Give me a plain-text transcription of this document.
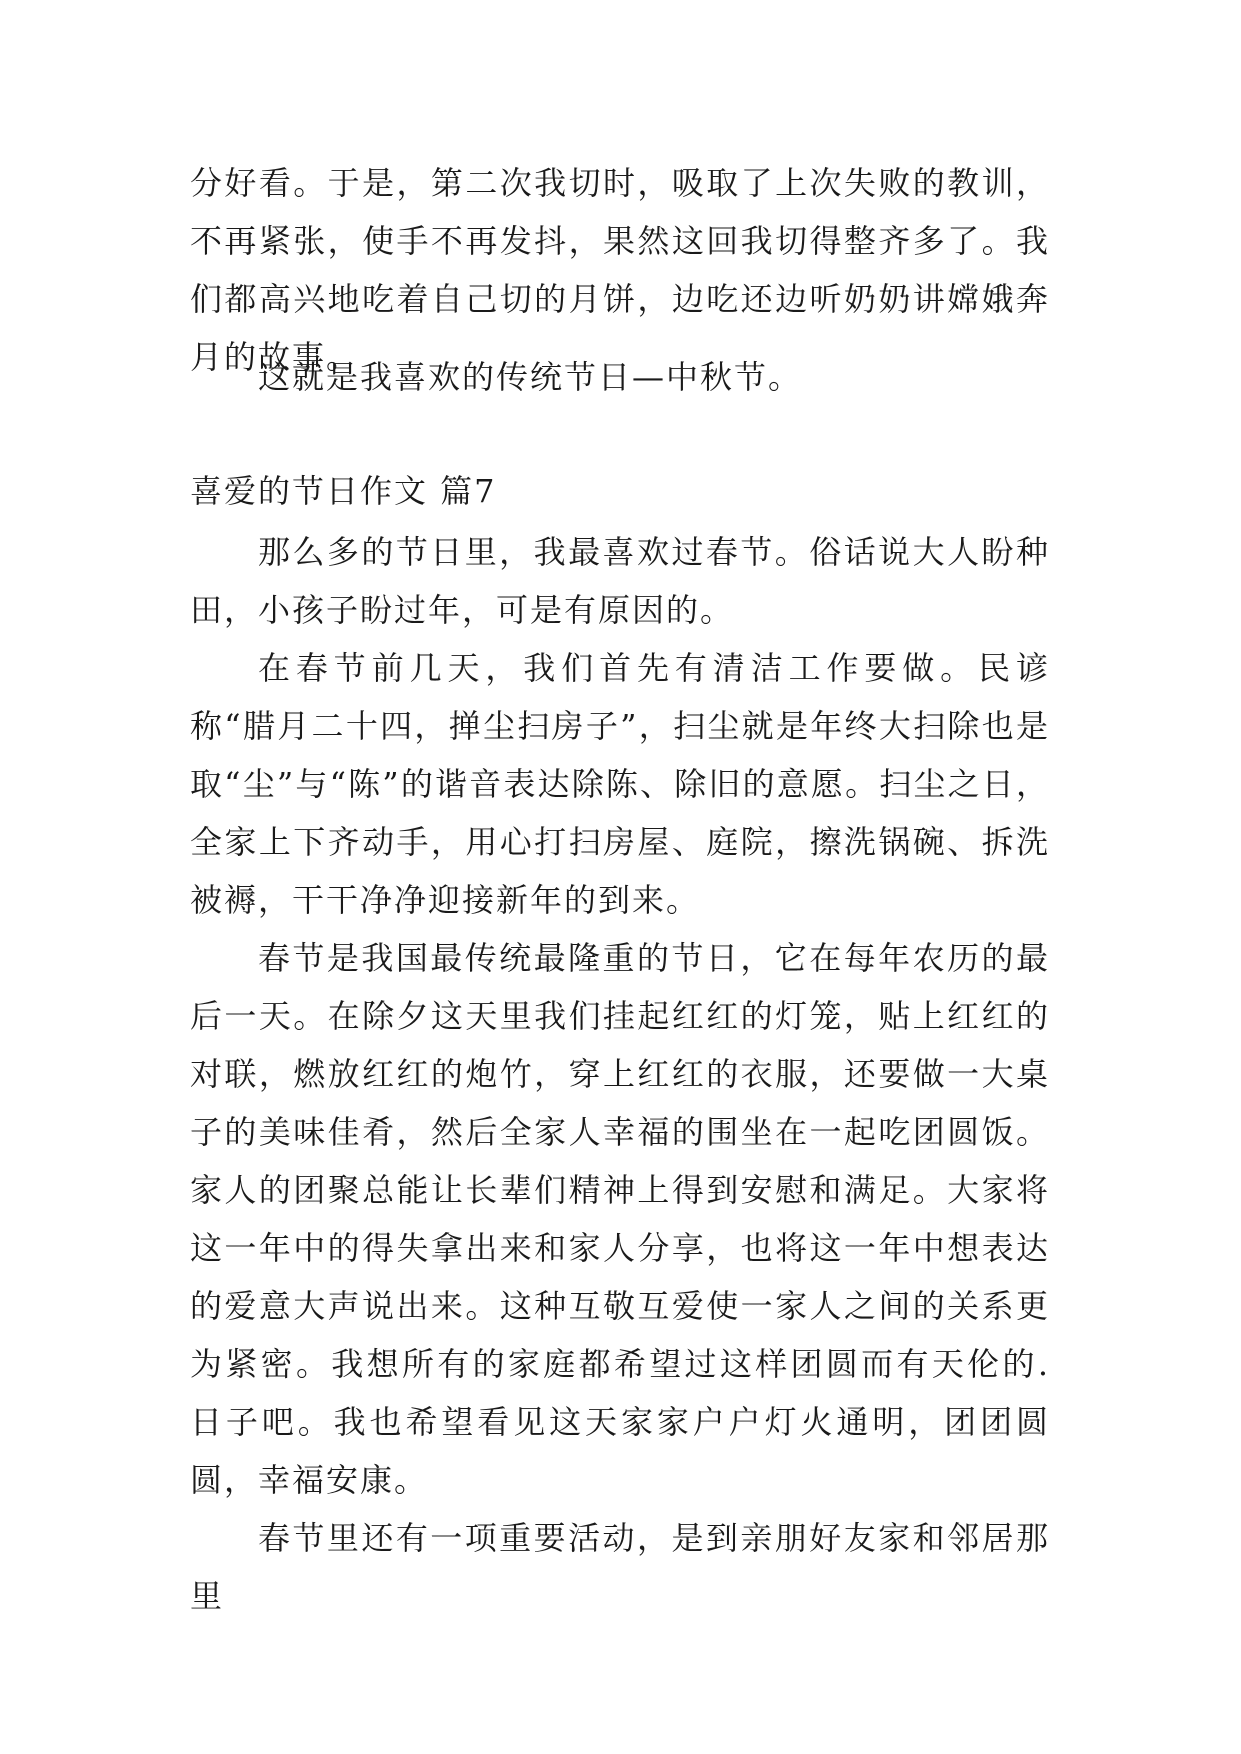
分好看。于是，第二次我切时，吸取了上次失败的教训，不再紧张，使手不再发抖，果然这回我切得整齐多了。我们都高兴地吃着自己切的月饼，边吃还边听奶奶讲嫦娥奔月的故事。

这就是我喜欢的传统节日—中秋节。

喜爱的节日作文 篇7

那么多的节日里，我最喜欢过春节。俗话说大人盼种田，小孩子盼过年，可是有原因的。

在春节前几天，我们首先有清洁工作要做。民谚称“腊月二十四，掸尘扫房子”，扫尘就是年终大扫除也是取“尘”与“陈”的谐音表达除陈、除旧的意愿。扫尘之日，全家上下齐动手，用心打扫房屋、庭院，擦洗锅碗、拆洗被褥，干干净净迎接新年的到来。

春节是我国最传统最隆重的节日，它在每年农历的最后一天。在除夕这天里我们挂起红红的灯笼，贴上红红的对联，燃放红红的炮竹，穿上红红的衣服，还要做一大桌子的美味佳肴，然后全家人幸福的围坐在一起吃团圆饭。家人的团聚总能让长辈们精神上得到安慰和满足。大家将这一年中的得失拿出来和家人分享，也将这一年中想表达的爱意大声说出来。这种互敬互爱使一家人之间的关系更为紧密。我想所有的家庭都希望过这样团圆而有天伦的.日子吧。我也希望看见这天家家户户灯火通明，团团圆圆，幸福安康。

春节里还有一项重要活动，是到亲朋好友家和邻居那里
